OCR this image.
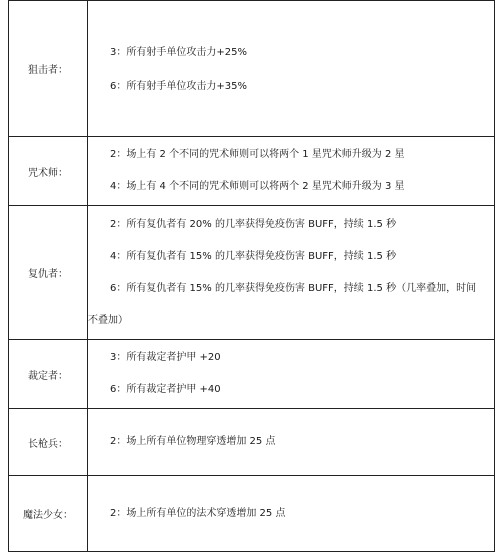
狙击者：	3：所有射手单位攻击力+25%
6：所有射手单位攻击力+35%

咒术师：	2：场上有 2 个不同的咒术师则可以将两个 1 星咒术师升级为 2 星
4：场上有 4 个不同的咒术师则可以将两个 2 星咒术师升级为 3 星

复仇者：	2：所有复仇者有 20% 的几率获得免疫伤害 BUFF，持续 1.5 秒
4：所有复仇者有 15% 的几率获得免疫伤害 BUFF，持续 1.5 秒
6：所有复仇者有 15% 的几率获得免疫伤害 BUFF，持续 1.5 秒（几率叠加，时间
不叠加）

裁定者：	3：所有裁定者护甲 +20
6：所有裁定者护甲 +40

长枪兵：	2：场上所有单位物理穿透增加 25 点

魔法少女：	2：场上所有单位的法术穿透增加 25 点
